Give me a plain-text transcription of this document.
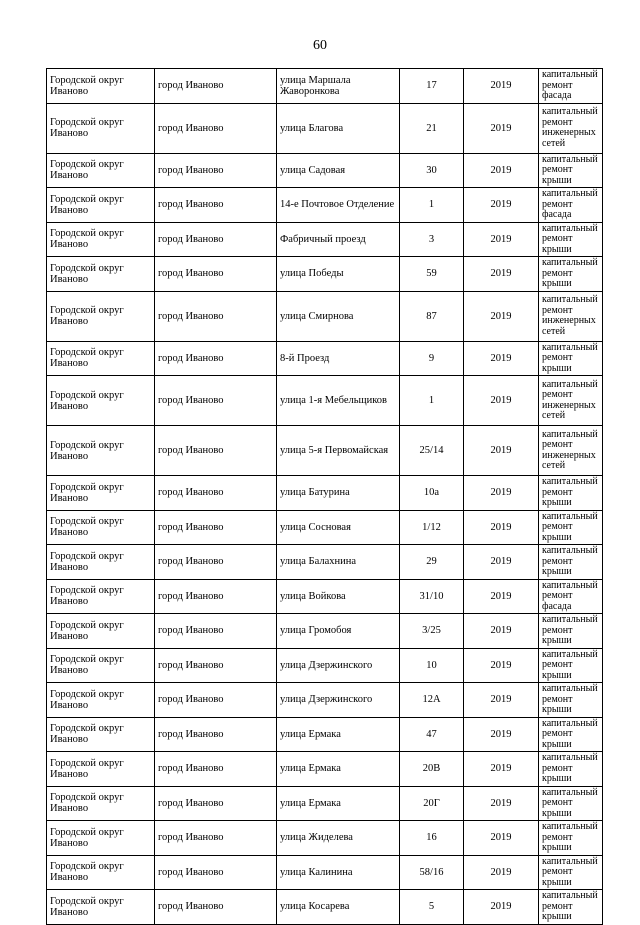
60
Городской округ Иваново	город Иваново	улица Маршала Жаворонкова	17	2019	капитальный ремонт фасада
Городской округ Иваново	город Иваново	улица Благова	21	2019	капитальный ремонт инженерных сетей
Городской округ Иваново	город Иваново	улица Садовая	30	2019	капитальный ремонт крыши
Городской округ Иваново	город Иваново	14-е Почтовое Отделение	1	2019	капитальный ремонт фасада
Городской округ Иваново	город Иваново	Фабричный проезд	3	2019	капитальный ремонт крыши
Городской округ Иваново	город Иваново	улица Победы	59	2019	капитальный ремонт крыши
Городской округ Иваново	город Иваново	улица Смирнова	87	2019	капитальный ремонт инженерных сетей
Городской округ Иваново	город Иваново	8-й Проезд	9	2019	капитальный ремонт крыши
Городской округ Иваново	город Иваново	улица 1-я Мебельщиков	1	2019	капитальный ремонт инженерных сетей
Городской округ Иваново	город Иваново	улица 5-я Первомайская	25/14	2019	капитальный ремонт инженерных сетей
Городской округ Иваново	город Иваново	улица Батурина	10а	2019	капитальный ремонт крыши
Городской округ Иваново	город Иваново	улица Сосновая	1/12	2019	капитальный ремонт крыши
Городской округ Иваново	город Иваново	улица Балахнина	29	2019	капитальный ремонт крыши
Городской округ Иваново	город Иваново	улица Войкова	31/10	2019	капитальный ремонт фасада
Городской округ Иваново	город Иваново	улица Громобоя	3/25	2019	капитальный ремонт крыши
Городской округ Иваново	город Иваново	улица Дзержинского	10	2019	капитальный ремонт крыши
Городской округ Иваново	город Иваново	улица Дзержинского	12А	2019	капитальный ремонт крыши
Городской округ Иваново	город Иваново	улица Ермака	47	2019	капитальный ремонт крыши
Городской округ Иваново	город Иваново	улица Ермака	20В	2019	капитальный ремонт крыши
Городской округ Иваново	город Иваново	улица Ермака	20Г	2019	капитальный ремонт крыши
Городской округ Иваново	город Иваново	улица Жиделева	16	2019	капитальный ремонт крыши
Городской округ Иваново	город Иваново	улица Калинина	58/16	2019	капитальный ремонт крыши
Городской округ Иваново	город Иваново	улица Косарева	5	2019	капитальный ремонт крыши
